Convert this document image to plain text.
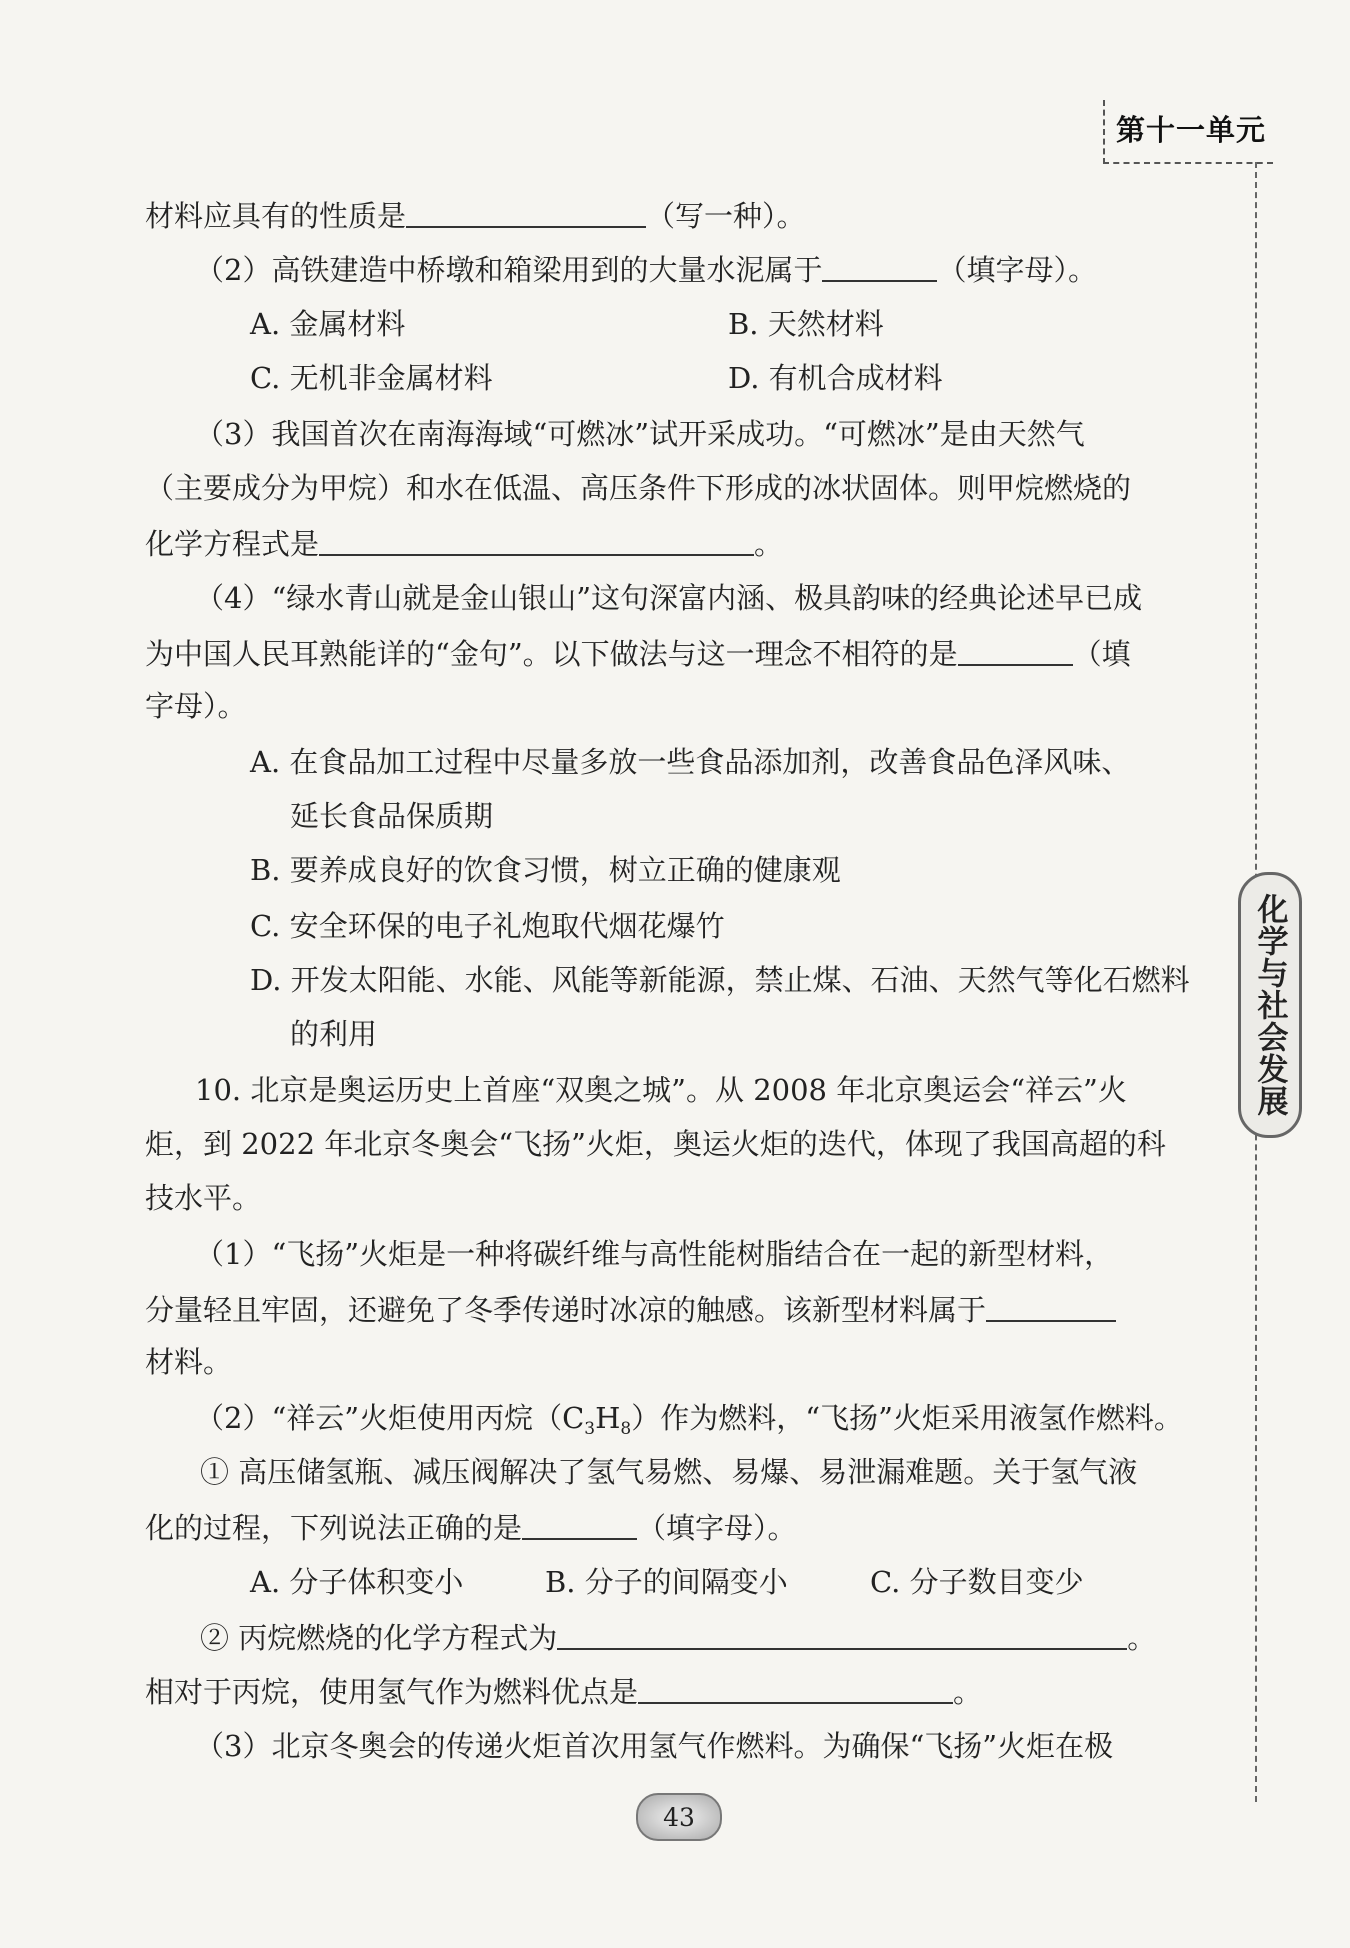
第十一单元
化学与社会发展
材料应具有的性质是	（写一种）。
（2）高铁建造中桥墩和箱梁用到的大量水泥属于	（填字母）。
A. 金属材料	B. 天然材料
C. 无机非金属材料	D. 有机合成材料
（3）我国首次在南海海域“可燃冰”试开采成功。“可燃冰”是由天然气
（主要成分为甲烷）和水在低温、高压条件下形成的冰状固体。则甲烷燃烧的
化学方程式是	。
（4）“绿水青山就是金山银山”这句深富内涵、极具韵味的经典论述早已成
为中国人民耳熟能详的“金句”。以下做法与这一理念不相符的是	（填
字母）。
A. 在食品加工过程中尽量多放一些食品添加剂，改善食品色泽风味、
延长食品保质期
B. 要养成良好的饮食习惯，树立正确的健康观
C. 安全环保的电子礼炮取代烟花爆竹
D. 开发太阳能、水能、风能等新能源，禁止煤、石油、天然气等化石燃料
的利用
10. 北京是奥运历史上首座“双奥之城”。从 2008 年北京奥运会“祥云”火
炬，到 2022 年北京冬奥会“飞扬”火炬，奥运火炬的迭代，体现了我国高超的科
技水平。
（1）“飞扬”火炬是一种将碳纤维与高性能树脂结合在一起的新型材料，
分量轻且牢固，还避免了冬季传递时冰凉的触感。该新型材料属于
材料。
（2）“祥云”火炬使用丙烷$(C_3H_8)$作为燃料，“飞扬”火炬采用液氢作燃料。
① 高压储氢瓶、减压阀解决了氢气易燃、易爆、易泄漏难题。关于氢气液
化的过程，下列说法正确的是	（填字母）。
A. 分子体积变小	B. 分子的间隔变小	C. 分子数目变少
② 丙烷燃烧的化学方程式为	。
相对于丙烷，使用氢气作为燃料优点是	。
（3）北京冬奥会的传递火炬首次用氢气作燃料。为确保“飞扬”火炬在极
43
